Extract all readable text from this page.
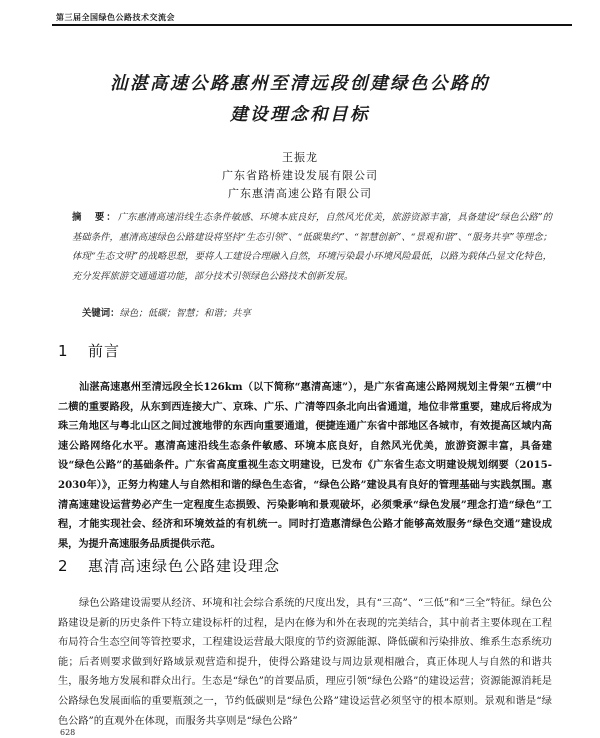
第三届全国绿色公路技术交流会
汕湛高速公路惠州至清远段创建绿色公路的
建设理念和目标
王振龙
广东省路桥建设发展有限公司
广东惠清高速公路有限公司
摘　要：广东惠清高速沿线生态条件敏感、环境本底良好，自然风光优美，旅游资源丰富，具备建设“绿色公路”的基础条件，惠清高速绿色公路建设将坚持“生态引领”、“低碳集约”、“智慧创新”、“景观和谐”、“服务共享”等理念；体现“生态文明”的战略思想，要将人工建设合理融入自然，环境污染最小环境风险最低，以路为载体凸显文化特色，充分发挥旅游交通通道功能，部分技术引领绿色公路技术创新发展。
关键词：绿色；低碳；智慧；和谐；共享
1 前言
汕湛高速惠州至清远段全长126km（以下简称“惠清高速”），是广东省高速公路网规划主骨架“五横”中二横的重要路段，从东到西连接大广、京珠、广乐、广清等四条北向出省通道，地位非常重要，建成后将成为珠三角地区与粤北山区之间过渡地带的东西向重要通道，便捷连通广东省中部地区各城市，有效提高区域内高速公路网络化水平。惠清高速沿线生态条件敏感、环境本底良好，自然风光优美，旅游资源丰富，具备建设“绿色公路”的基础条件。广东省高度重视生态文明建设，已发布《广东省生态文明建设规划纲要（2015-2030年）》，正努力构建人与自然相和谐的绿色生态省，“绿色公路”建设具有良好的管理基础与实践氛围。惠清高速建设运营势必产生一定程度生态损毁、污染影响和景观破坏，必须秉承“绿色发展”理念打造“绿色”工程，才能实现社会、经济和环境效益的有机统一。同时打造惠清绿色公路才能够高效服务“绿色交通”建设成果，为提升高速服务品质提供示范。
2 惠清高速绿色公路建设理念
绿色公路建设需要从经济、环境和社会综合系统的尺度出发，具有“三高”、“三低”和“三全”特征。绿色公路建设是新的历史条件下特立建设标杆的过程，是内在修为和外在表现的完美结合，其中前者主要体现在工程布局符合生态空间等管控要求，工程建设运营最大限度的节约资源能源、降低碳和污染排放、维系生态系统功能；后者则要求做到好路域景观营造和提升，使得公路建设与周边景观相融合，真正体现人与自然的和谐共生，服务地方发展和群众出行。生态是“绿色”的首要品质，理应引领“绿色公路”的建设运营；资源能源消耗是公路绿色发展面临的重要瓶颈之一，节约低碳则是“绿色公路”建设运营必须坚守的根本原则。景观和谐是“绿色公路”的直观外在体现，而服务共享则是“绿色公路”
628
